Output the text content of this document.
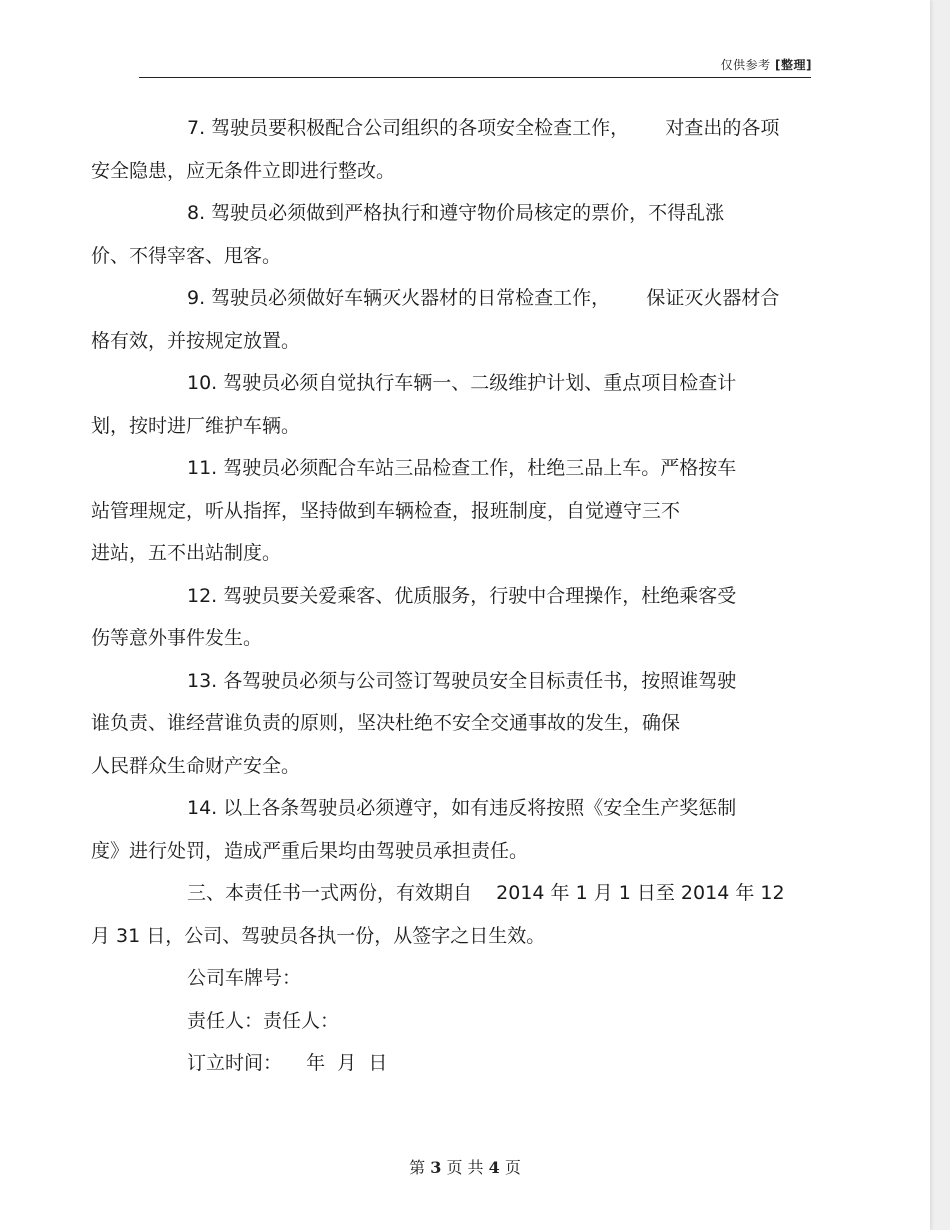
仅供参考 [整理]

7. 驾驶员要积极配合公司组织的各项安全检查工作，      对查出的各项
安全隐患，应无条件立即进行整改。

8. 驾驶员必须做到严格执行和遵守物价局核定的票价，不得乱涨
价、不得宰客、甩客。

9. 驾驶员必须做好车辆灭火器材的日常检查工作，      保证灭火器材合
格有效，并按规定放置。

10. 驾驶员必须自觉执行车辆一、二级维护计划、重点项目检查计
划，按时进厂维护车辆。

11. 驾驶员必须配合车站三品检查工作，杜绝三品上车。严格按车
站管理规定，听从指挥，坚持做到车辆检查，报班制度，自觉遵守三不
进站，五不出站制度。

12. 驾驶员要关爱乘客、优质服务，行驶中合理操作，杜绝乘客受
伤等意外事件发生。

13. 各驾驶员必须与公司签订驾驶员安全目标责任书，按照谁驾驶
谁负责、谁经营谁负责的原则，坚决杜绝不安全交通事故的发生，确保
人民群众生命财产安全。

14. 以上各条驾驶员必须遵守，如有违反将按照《安全生产奖惩制
度》进行处罚，造成严重后果均由驾驶员承担责任。

三、本责任书一式两份，有效期自    2014 年 1 月 1 日至 2014 年 12
月 31 日，公司、驾驶员各执一份，从签字之日生效。

公司车牌号：

责任人：责任人：

订立时间：    年  月  日

第 3 页 共 4 页
